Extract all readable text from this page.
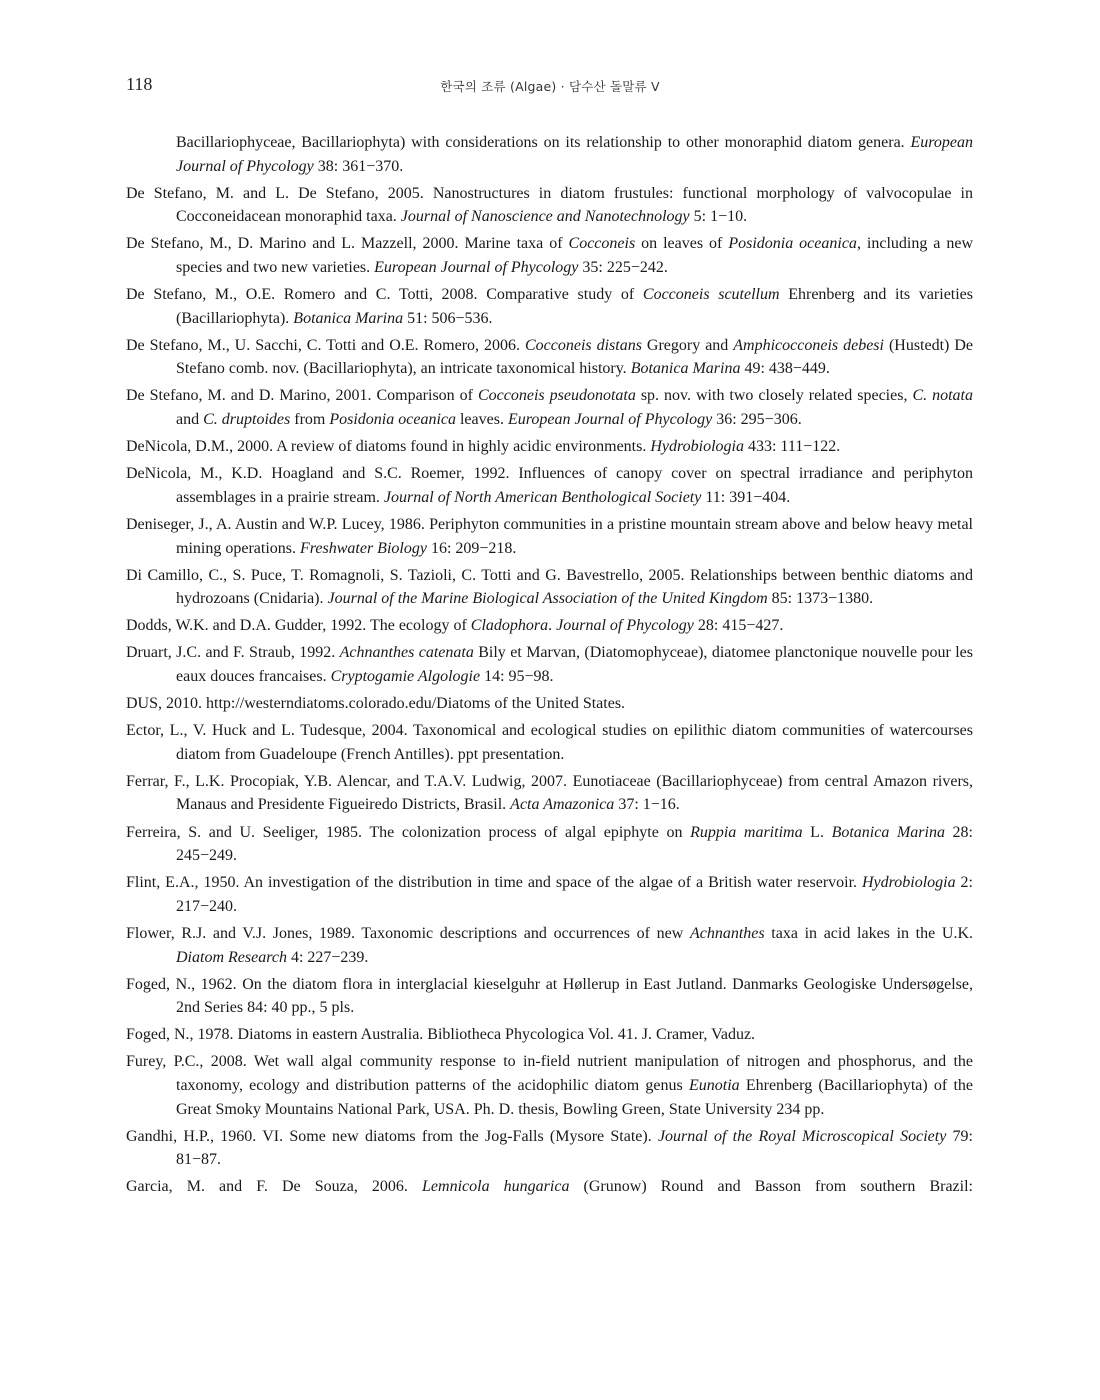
118	한국의 조류 (Algae) · 담수산 돌말류 V

Bacillariophyceae, Bacillariophyta) with considerations on its relationship to other monoraphid diatom genera. European Journal of Phycology 38: 361−370.

De Stefano, M. and L. De Stefano, 2005. Nanostructures in diatom frustules: functional morphology of valvocopulae in Cocconeidacean monoraphid taxa. Journal of Nanoscience and Nanotechnology 5: 1−10.

De Stefano, M., D. Marino and L. Mazzell, 2000. Marine taxa of Cocconeis on leaves of Posidonia oceanica, including a new species and two new varieties. European Journal of Phycology 35: 225−242.

De Stefano, M., O.E. Romero and C. Totti, 2008. Comparative study of Cocconeis scutellum Ehrenberg and its varieties (Bacillariophyta). Botanica Marina 51: 506−536.

De Stefano, M., U. Sacchi, C. Totti and O.E. Romero, 2006. Cocconeis distans Gregory and Amphicocconeis debesi (Hustedt) De Stefano comb. nov. (Bacillariophyta), an intricate taxonomical history. Botanica Marina 49: 438−449.

De Stefano, M. and D. Marino, 2001. Comparison of Cocconeis pseudonotata sp. nov. with two closely related species, C. notata and C. druptoides from Posidonia oceanica leaves. European Journal of Phycology 36: 295−306.

DeNicola, D.M., 2000. A review of diatoms found in highly acidic environments. Hydrobiologia 433: 111−122.

DeNicola, M., K.D. Hoagland and S.C. Roemer, 1992. Influences of canopy cover on spectral irradiance and periphyton assemblages in a prairie stream. Journal of North American Benthological Society 11: 391−404.

Deniseger, J., A. Austin and W.P. Lucey, 1986. Periphyton communities in a pristine mountain stream above and below heavy metal mining operations. Freshwater Biology 16: 209−218.

Di Camillo, C., S. Puce, T. Romagnoli, S. Tazioli, C. Totti and G. Bavestrello, 2005. Relationships between benthic diatoms and hydrozoans (Cnidaria). Journal of the Marine Biological Association of the United Kingdom 85: 1373−1380.

Dodds, W.K. and D.A. Gudder, 1992. The ecology of Cladophora. Journal of Phycology 28: 415−427.

Druart, J.C. and F. Straub, 1992. Achnanthes catenata Bily et Marvan, (Diatomophyceae), diatomee planctonique nouvelle pour les eaux douces francaises. Cryptogamie Algologie 14: 95−98.

DUS, 2010. http://westerndiatoms.colorado.edu/Diatoms of the United States.

Ector, L., V. Huck and L. Tudesque, 2004. Taxonomical and ecological studies on epilithic diatom communities of watercourses diatom from Guadeloupe (French Antilles). ppt presentation.

Ferrar, F., L.K. Procopiak, Y.B. Alencar, and T.A.V. Ludwig, 2007. Eunotiaceae (Bacillariophyceae) from central Amazon rivers, Manaus and Presidente Figueiredo Districts, Brasil. Acta Amazonica 37: 1−16.

Ferreira, S. and U. Seeliger, 1985. The colonization process of algal epiphyte on Ruppia maritima L. Botanica Marina 28: 245−249.

Flint, E.A., 1950. An investigation of the distribution in time and space of the algae of a British water reservoir. Hydrobiologia 2: 217−240.

Flower, R.J. and V.J. Jones, 1989. Taxonomic descriptions and occurrences of new Achnanthes taxa in acid lakes in the U.K. Diatom Research 4: 227−239.

Foged, N., 1962. On the diatom flora in interglacial kieselguhr at Høllerup in East Jutland. Danmarks Geologiske Undersøgelse, 2nd Series 84: 40 pp., 5 pls.

Foged, N., 1978. Diatoms in eastern Australia. Bibliotheca Phycologica Vol. 41. J. Cramer, Vaduz.

Furey, P.C., 2008. Wet wall algal community response to in-field nutrient manipulation of nitrogen and phosphorus, and the taxonomy, ecology and distribution patterns of the acidophilic diatom genus Eunotia Ehrenberg (Bacillariophyta) of the Great Smoky Mountains National Park, USA. Ph. D. thesis, Bowling Green, State University 234 pp.

Gandhi, H.P., 1960. VI. Some new diatoms from the Jog-Falls (Mysore State). Journal of the Royal Microscopical Society 79: 81−87.

Garcia, M. and F. De Souza, 2006. Lemnicola hungarica (Grunow) Round and Basson from southern Brazil:
